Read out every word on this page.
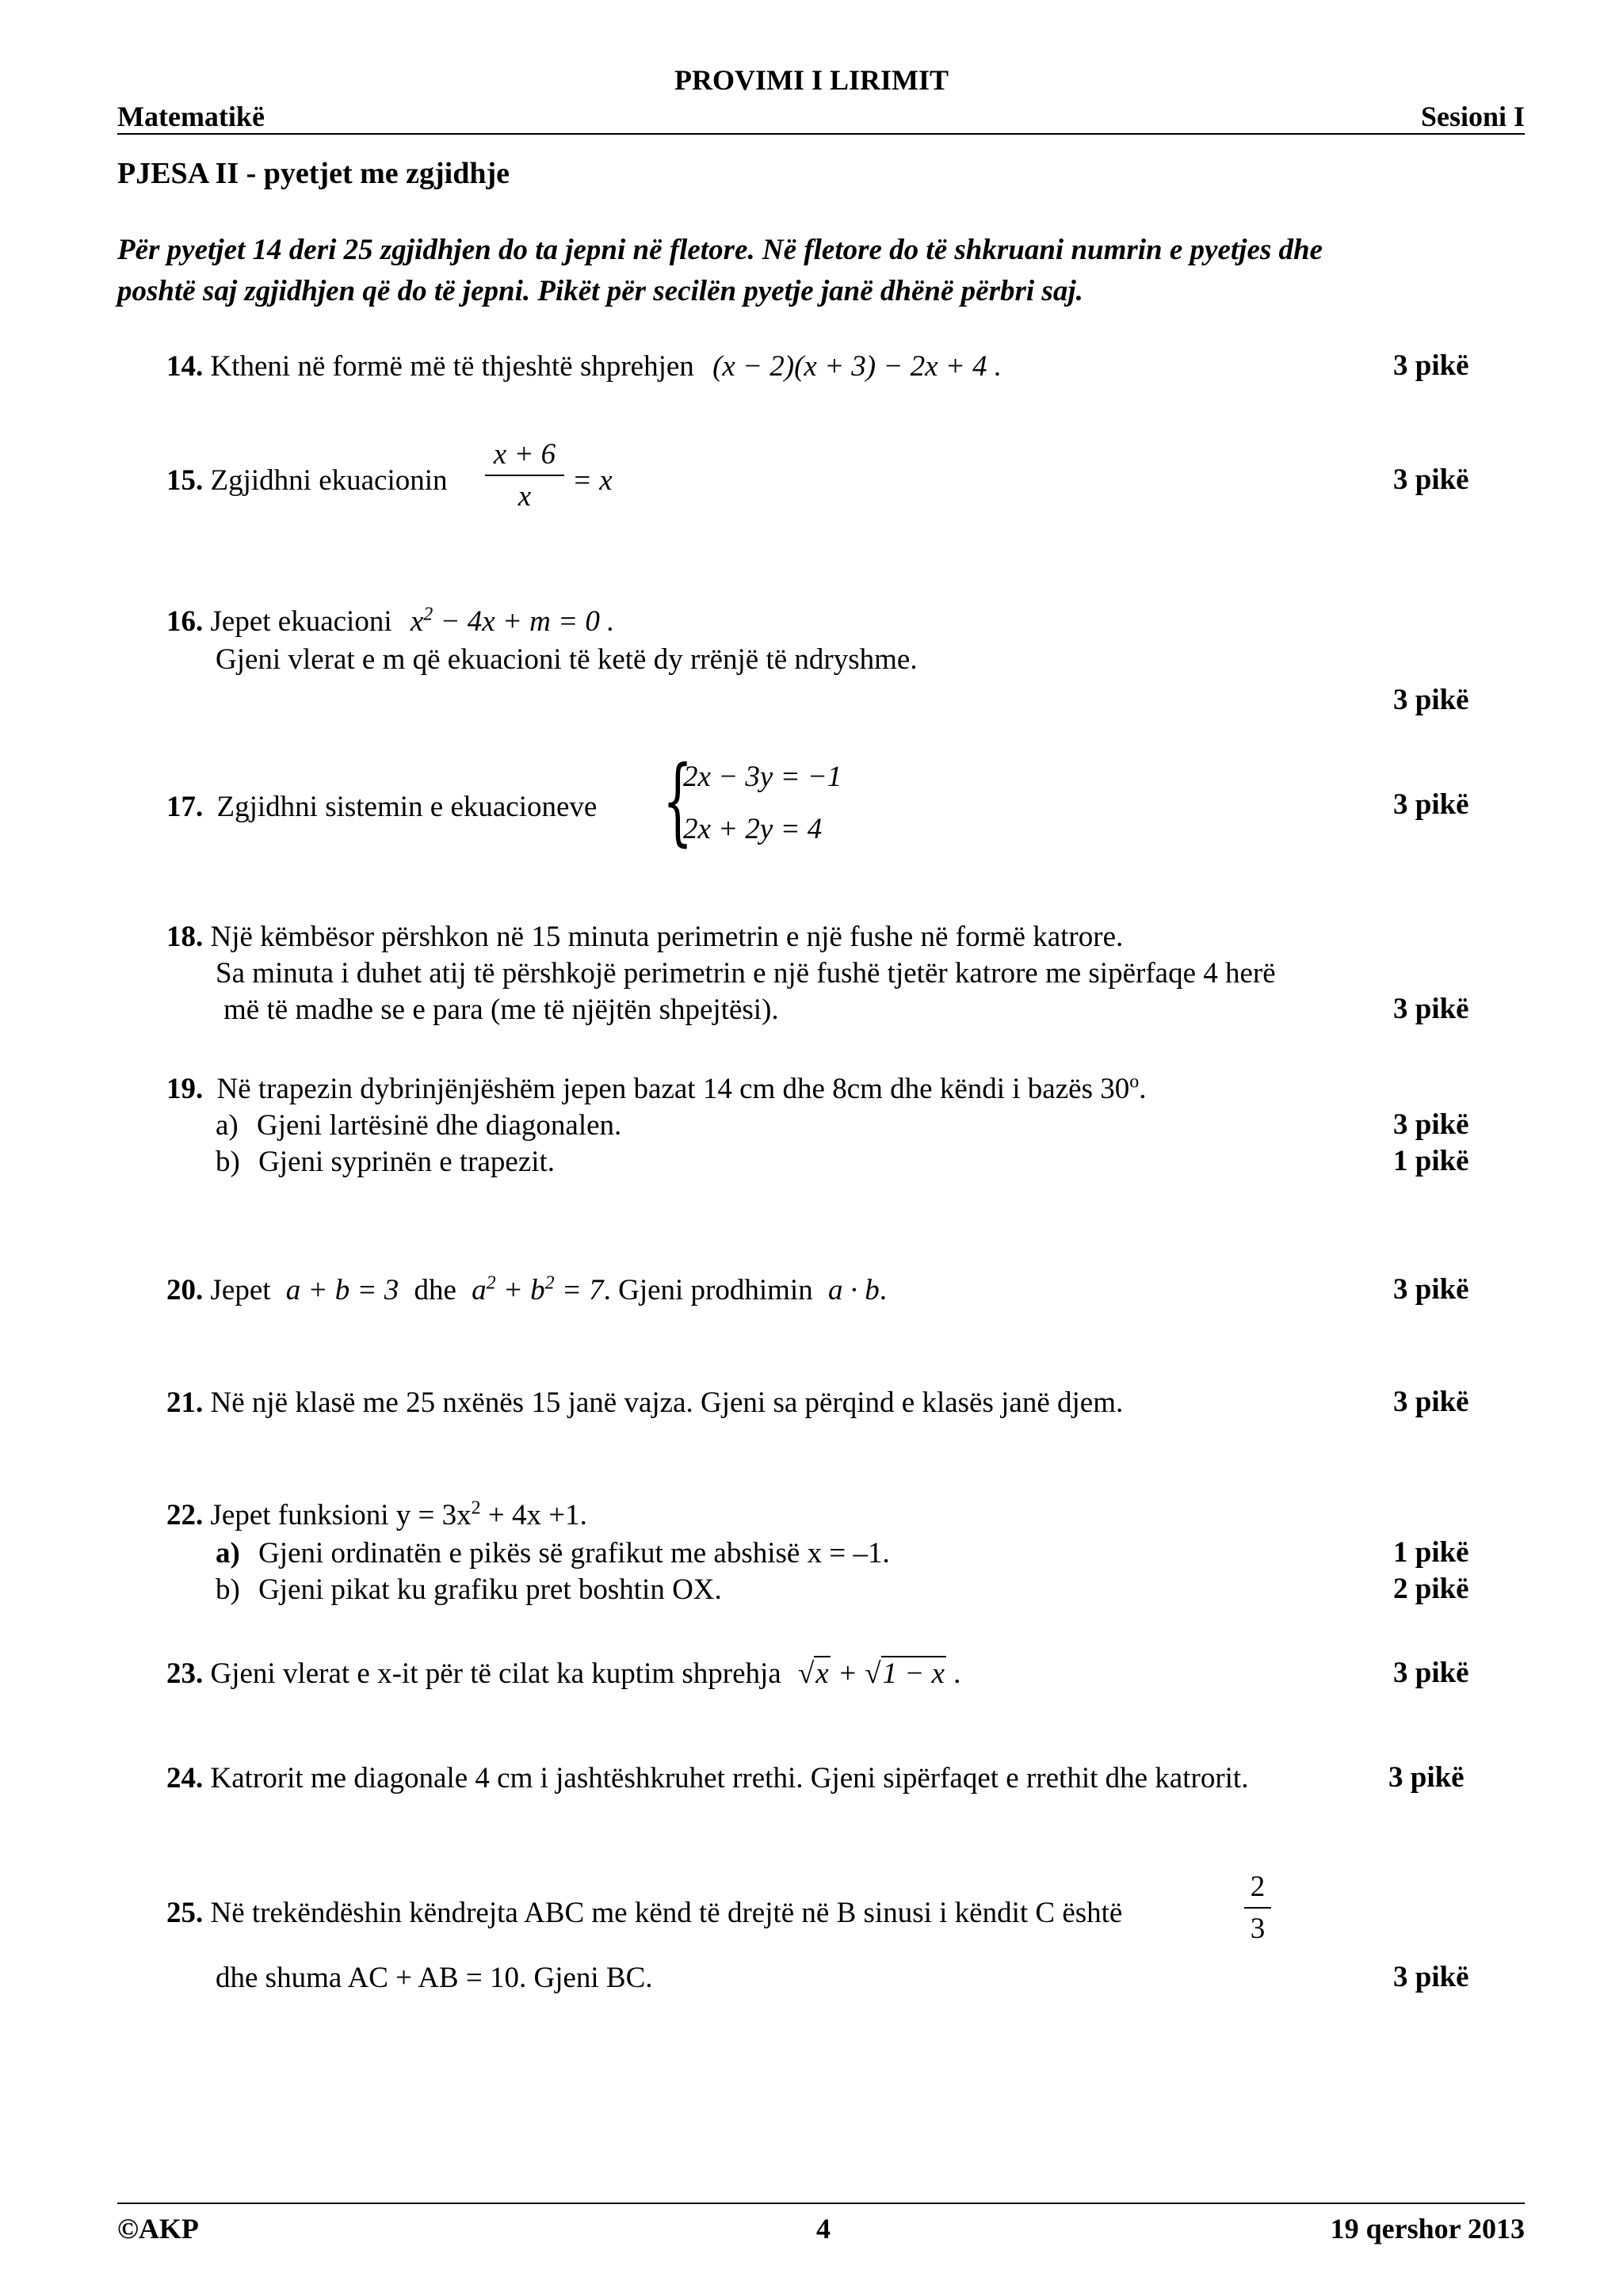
PROVIMI I LIRIMIT
Matematikë	Sesioni I
PJESA II - pyetjet me zgjidhje
Për pyetjet 14 deri 25 zgjidhjen do ta jepni në fletore. Në fletore do të shkruani numrin e pyetjes dhe
poshtë saj zgjidhjen që do të jepni. Pikët për secilën pyetje janë dhënë përbri saj.
14. Ktheni në formë më të thjeshtë shprehjen (x − 2)(x + 3) − 2x + 4 .	3 pikë
15. Zgjidhni ekuacionin
x + 6
x	= x	3 pikë
16. Jepet ekuacioni $x^2 - 4x + m = 0$ .
Gjeni vlerat e m që ekuacioni të ketë dy rrënjë të ndryshme.
3 pikë
17. Zgjidhni sistemin e ekuacioneve {
2x − 3y = −1
2x + 2y = 4
3 pikë
18. Një këmbësor përshkon në 15 minuta perimetrin e një fushe në formë katrore.
Sa minuta i duhet atij të përshkojë perimetrin e një fushë tjetër katrore me sipërfaqe 4 herë
më të madhe se e para (me të njëjtën shpejtësi).	3 pikë
19. Në trapezin dybrinjënjëshëm jepen bazat 14 cm dhe 8cm dhe këndi i bazës 30$^o$.
a) Gjeni lartësinë dhe diagonalen.	3 pikë
b) Gjeni syprinën e trapezit.	1 pikë
20. Jepet a + b = 3 dhe $a^2 + b^2 = 7$. Gjeni prodhimin a · b.	3 pikë
21. Në një klasë me 25 nxënës 15 janë vajza. Gjeni sa përqind e klasës janë djem.	3 pikë
22. Jepet funksioni $y = 3x^2 + 4x +1$.
a) Gjeni ordinatën e pikës së grafikut me abshisë x = –1.	1 pikë
b) Gjeni pikat ku grafiku pret boshtin OX.	2 pikë
23. Gjeni vlerat e x-it për të cilat ka kuptim shprehja √x + √1 − x .	3 pikë
24. Katrorit me diagonale 4 cm i jashtëshkruhet rrethi. Gjeni sipërfaqet e rrethit dhe katrorit.	3 pikë
25. Në trekëndëshin këndrejta ABC me kënd të drejtë në B sinusi i këndit C është
2
3
dhe shuma AC + AB = 10. Gjeni BC.	3 pikë
©AKP	4	19 qershor 2013
